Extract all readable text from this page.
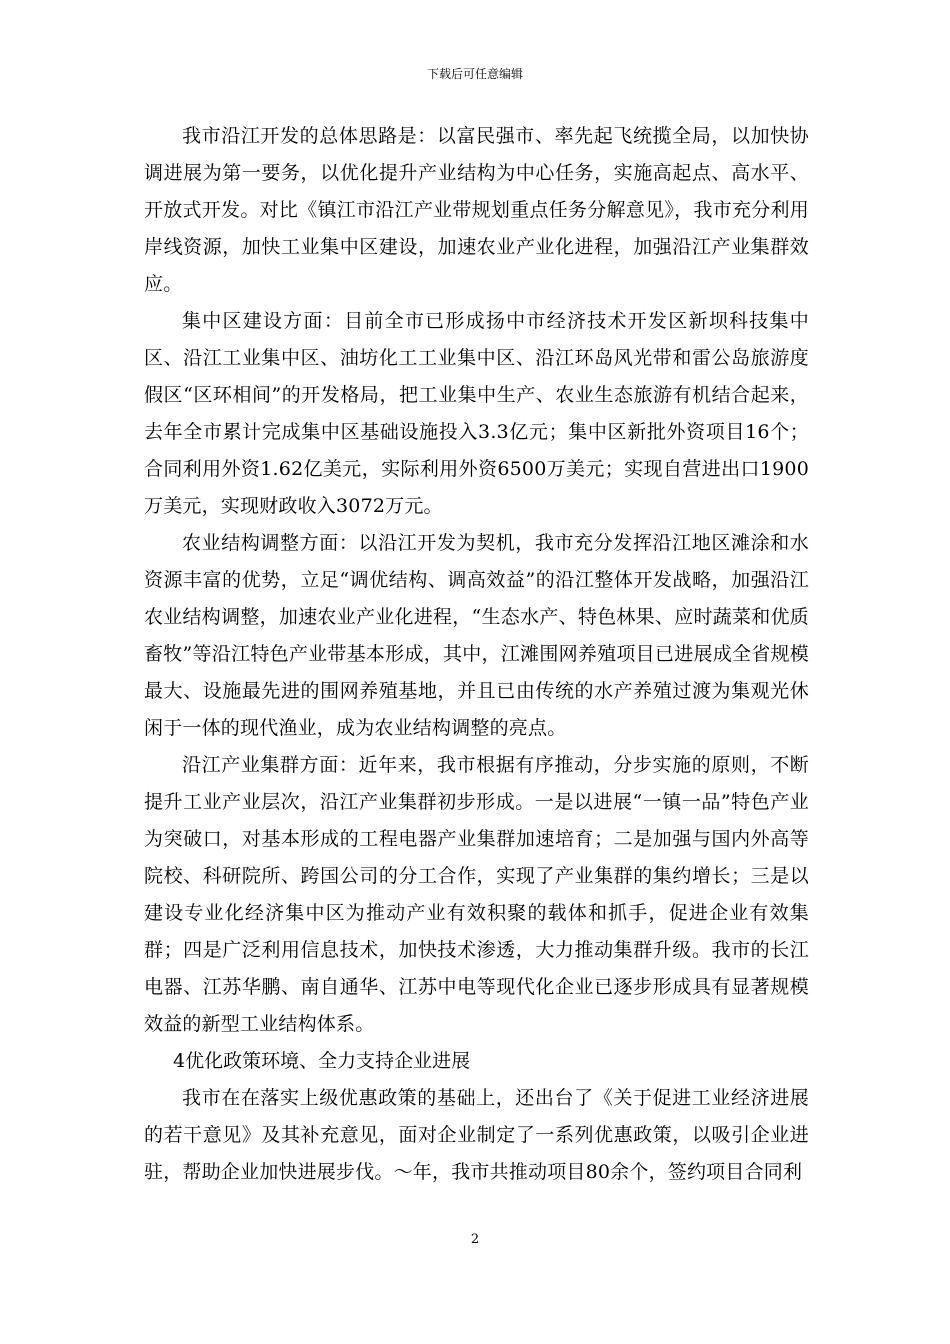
下载后可任意编辑

我市沿江开发的总体思路是：以富民强市、率先起飞统揽全局，以加快协调进展为第一要务，以优化提升产业结构为中心任务，实施高起点、高水平、开放式开发。对比《镇江市沿江产业带规划重点任务分解意见》，我市充分利用岸线资源，加快工业集中区建设，加速农业产业化进程，加强沿江产业集群效应。

集中区建设方面：目前全市已形成扬中市经济技术开发区新坝科技集中区、沿江工业集中区、油坊化工工业集中区、沿江环岛风光带和雷公岛旅游度假区“区环相间”的开发格局，把工业集中生产、农业生态旅游有机结合起来，去年全市累计完成集中区基础设施投入3.3亿元；集中区新批外资项目16个；合同利用外资1.62亿美元，实际利用外资6500万美元；实现自营进出口1900万美元，实现财政收入3072万元。

农业结构调整方面：以沿江开发为契机，我市充分发挥沿江地区滩涂和水资源丰富的优势，立足“调优结构、调高效益”的沿江整体开发战略，加强沿江农业结构调整，加速农业产业化进程，“生态水产、特色林果、应时蔬菜和优质畜牧”等沿江特色产业带基本形成，其中，江滩围网养殖项目已进展成全省规模最大、设施最先进的围网养殖基地，并且已由传统的水产养殖过渡为集观光休闲于一体的现代渔业，成为农业结构调整的亮点。

沿江产业集群方面：近年来，我市根据有序推动，分步实施的原则，不断提升工业产业层次，沿江产业集群初步形成。一是以进展“一镇一品”特色产业为突破口，对基本形成的工程电器产业集群加速培育；二是加强与国内外高等院校、科研院所、跨国公司的分工合作，实现了产业集群的集约增长；三是以建设专业化经济集中区为推动产业有效积聚的载体和抓手，促进企业有效集群；四是广泛利用信息技术，加快技术渗透，大力推动集群升级。我市的长江电器、江苏华鹏、南自通华、江苏中电等现代化企业已逐步形成具有显著规模效益的新型工业结构体系。

4优化政策环境、全力支持企业进展

我市在在落实上级优惠政策的基础上，还出台了《关于促进工业经济进展的若干意见》及其补充意见，面对企业制定了一系列优惠政策，以吸引企业进驻，帮助企业加快进展步伐。～年，我市共推动项目80余个，签约项目合同利

2
